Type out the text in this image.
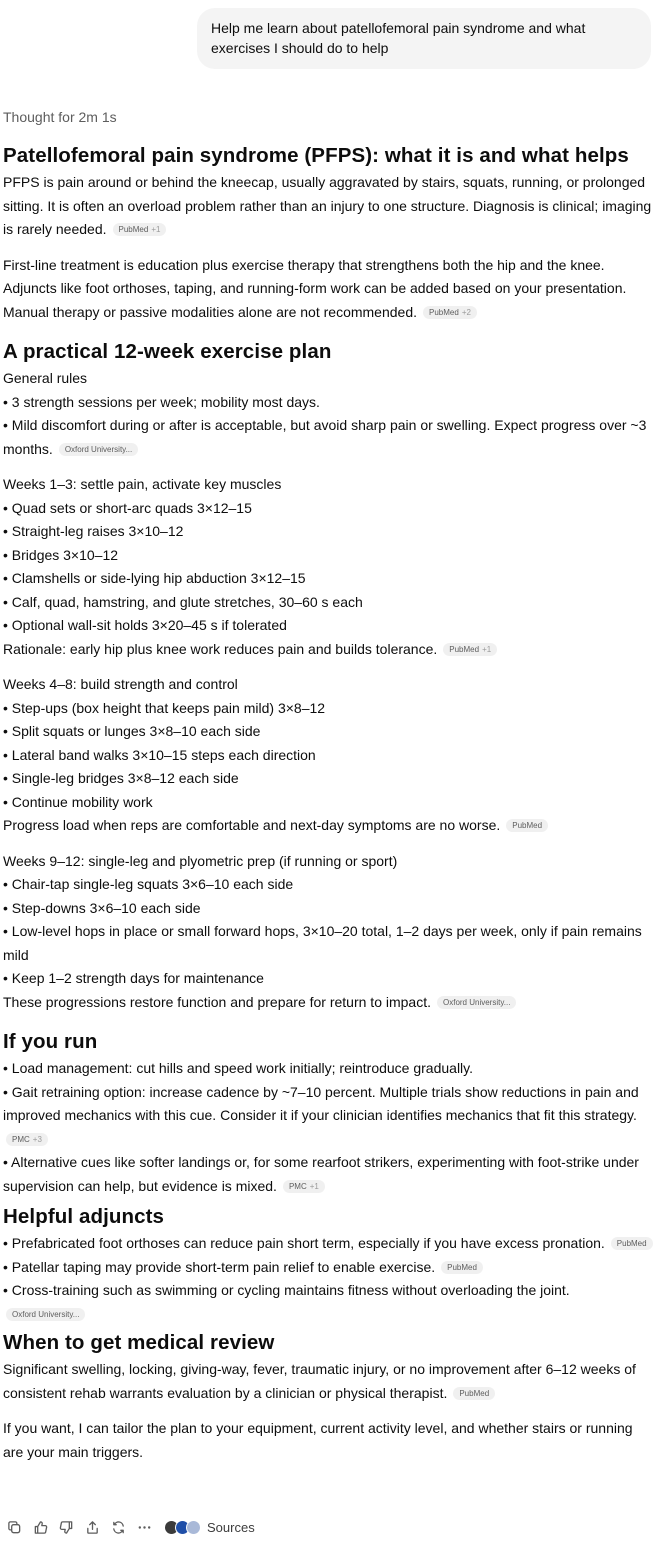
Help me learn about patellofemoral pain syndrome and what exercises I should do to help
Thought for 2m 1s
Patellofemoral pain syndrome (PFPS): what it is and what helps

PFPS is pain around or behind the kneecap, usually aggravated by stairs, squats, running, or prolonged sitting. It is often an overload problem rather than an injury to one structure. Diagnosis is clinical; imaging is rarely needed. PubMed +1

First-line treatment is education plus exercise therapy that strengthens both the hip and the knee. Adjuncts like foot orthoses, taping, and running-form work can be added based on your presentation. Manual therapy or passive modalities alone are not recommended. PubMed +2

A practical 12-week exercise plan

General rules

• 3 strength sessions per week; mobility most days.

• Mild discomfort during or after is acceptable, but avoid sharp pain or swelling. Expect progress over ~3 months. Oxford University...

Weeks 1–3: settle pain, activate key muscles

• Quad sets or short-arc quads 3×12–15

• Straight-leg raises 3×10–12

• Bridges 3×10–12

• Clamshells or side-lying hip abduction 3×12–15

• Calf, quad, hamstring, and glute stretches, 30–60 s each

• Optional wall-sit holds 3×20–45 s if tolerated

Rationale: early hip plus knee work reduces pain and builds tolerance. PubMed +1

Weeks 4–8: build strength and control

• Step-ups (box height that keeps pain mild) 3×8–12

• Split squats or lunges 3×8–10 each side

• Lateral band walks 3×10–15 steps each direction

• Single-leg bridges 3×8–12 each side

• Continue mobility work

Progress load when reps are comfortable and next-day symptoms are no worse. PubMed

Weeks 9–12: single-leg and plyometric prep (if running or sport)

• Chair-tap single-leg squats 3×6–10 each side

• Step-downs 3×6–10 each side

• Low-level hops in place or small forward hops, 3×10–20 total, 1–2 days per week, only if pain remains mild

• Keep 1–2 strength days for maintenance

These progressions restore function and prepare for return to impact. Oxford University...

If you run

• Load management: cut hills and speed work initially; reintroduce gradually.

• Gait retraining option: increase cadence by ~7–10 percent. Multiple trials show reductions in pain and improved mechanics with this cue. Consider it if your clinician identifies mechanics that fit this strategy.

PMC +3

• Alternative cues like softer landings or, for some rearfoot strikers, experimenting with foot-strike under supervision can help, but evidence is mixed. PMC +1

Helpful adjuncts

• Prefabricated foot orthoses can reduce pain short term, especially if you have excess pronation. PubMed

• Patellar taping may provide short-term pain relief to enable exercise. PubMed

• Cross-training such as swimming or cycling maintains fitness without overloading the joint.

Oxford University...

When to get medical review

Significant swelling, locking, giving-way, fever, traumatic injury, or no improvement after 6–12 weeks of consistent rehab warrants evaluation by a clinician or physical therapist. PubMed

If you want, I can tailor the plan to your equipment, current activity level, and whether stairs or running are your main triggers.

Sources
